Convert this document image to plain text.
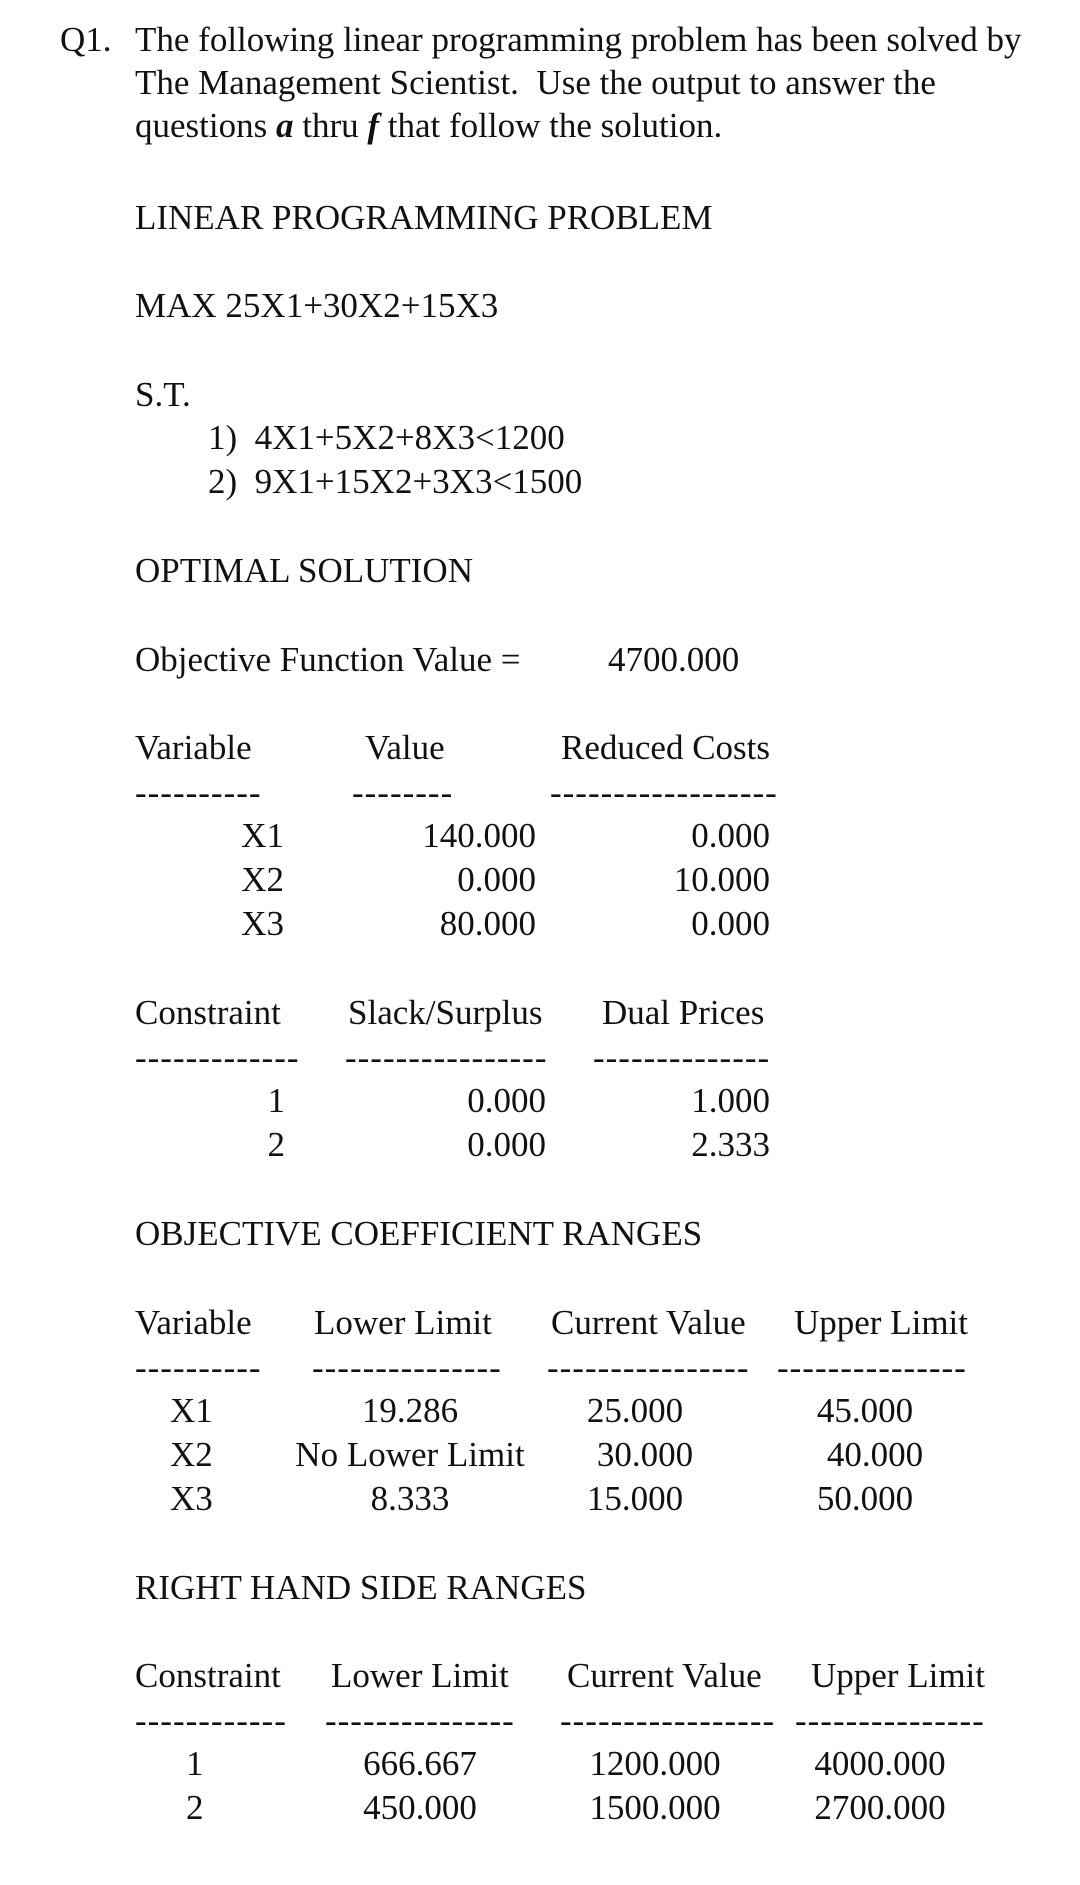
Q1. The following linear programming problem has been solved by
The Management Scientist.  Use the output to answer the
questions a thru f that follow the solution.
LINEAR PROGRAMMING PROBLEM
MAX 25X1+30X2+15X3
S.T.
1)  4X1+5X2+8X3<1200
2)  9X1+15X2+3X3<1500
OPTIMAL SOLUTION
Objective Function Value = 4700.000
Variable	Value	Reduced Costs
----------	--------	------------------
X1	140.000	0.000
X2	0.000	10.000
X3	80.000	0.000
Constraint Slack/Surplus Dual Prices
------------- ---------------- --------------
1	0.000	1.000
2	0.000	2.333
OBJECTIVE COEFFICIENT RANGES
Variable Lower Limit Current Value Upper Limit
---------- --------------- ---------------- ---------------
X1	19.286	25.000	45.000
X2 No Lower Limit	30.000	40.000
X3	8.333	15.000	50.000
RIGHT HAND SIDE RANGES
Constraint Lower Limit Current Value Upper Limit
------------ --------------- ----------------- ---------------
1	666.667	1200.000	4000.000
2	450.000	1500.000	2700.000
